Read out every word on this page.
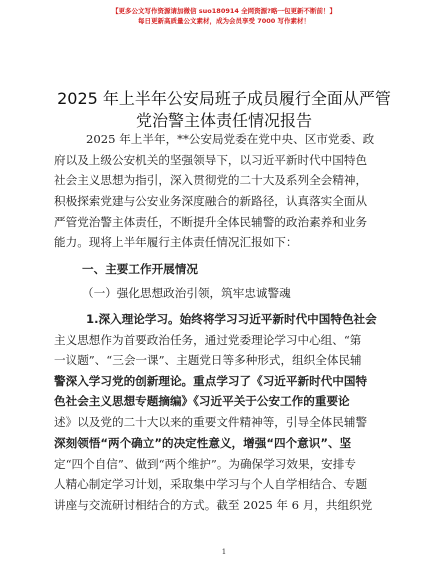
【更多公文写作资源请加微信 suo180914 全网资源?略一包更新不断前！】
每日更新高质量公文素材，成为会员享受 7000 写作素材！
2025 年上半年公安局班子成员履行全面从严管
党治警主体责任情况报告
2025 年上半年，**公安局党委在党中央、区市党委、政
府以及上级公安机关的坚强领导下，以习近平新时代中国特色
社会主义思想为指引，深入贯彻党的二十大及系列全会精神，
积极探索党建与公安业务深度融合的新路径，认真落实全面从
严管党治警主体责任，不断提升全体民辅警的政治素养和业务
能力。现将上半年履行主体责任情况汇报如下：
一、主要工作开展情况
（一）强化思想政治引领，筑牢忠诚警魂
1.深入理论学习。始终将学习习近平新时代中国特色社会
主义思想作为首要政治任务，通过党委理论学习中心组、“第
一议题”、“三会一课”、主题党日等多种形式，组织全体民辅
警深入学习党的创新理论。重点学习了《习近平新时代中国特
色社会主义思想专题摘编》《习近平关于公安工作的重要论
述》以及党的二十大以来的重要文件精神等，引导全体民辅警
深刻领悟“两个确立”的决定性意义，增强“四个意识”、坚
定“四个自信”、做到“两个维护”。为确保学习效果，安排专
人精心制定学习计划，采取集中学习与个人自学相结合、专题
讲座与交流研讨相结合的方式。截至 2025 年 6 月，共组织党
1
